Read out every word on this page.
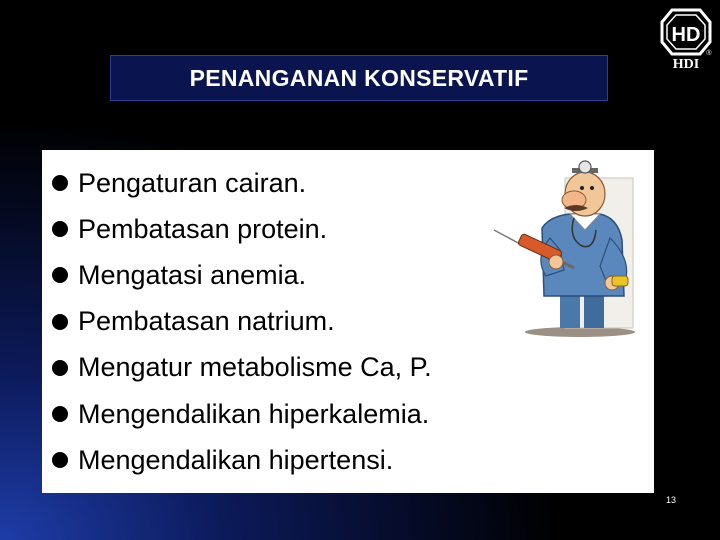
PENANGANAN KONSERVATIF
HD
HDI
®
Pengaturan cairan.
Pembatasan protein.
Mengatasi anemia.
Pembatasan natrium.
Mengatur metabolisme Ca, P.
Mengendalikan hiperkalemia.
Mengendalikan hipertensi.
13
